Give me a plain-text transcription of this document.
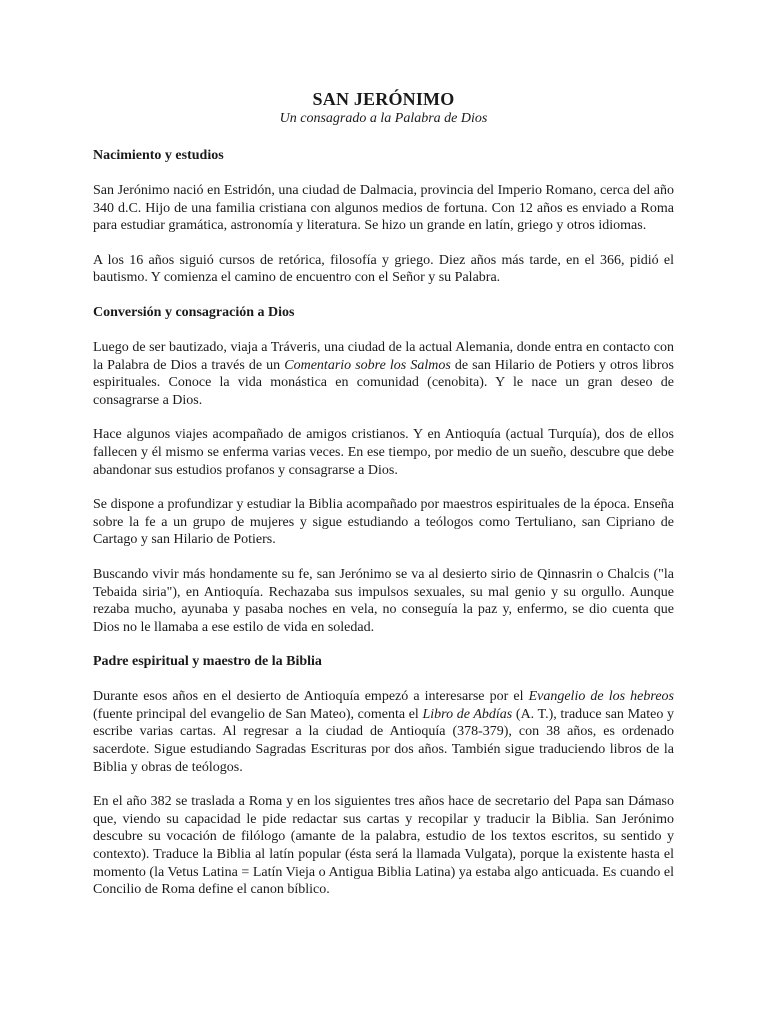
SAN JERÓNIMO

Un consagrado a la Palabra de Dios

Nacimiento y estudios

San Jerónimo nació en Estridón, una ciudad de Dalmacia, provincia del Imperio Romano, cerca del año 340 d.C. Hijo de una familia cristiana con algunos medios de fortuna. Con 12 años es enviado a Roma para estudiar gramática, astronomía y literatura. Se hizo un grande en latín, griego y otros idiomas.

A los 16 años siguió cursos de retórica, filosofía y griego. Diez años más tarde, en el 366, pidió el bautismo. Y comienza el camino de encuentro con el Señor y su Palabra.

Conversión y consagración a Dios

Luego de ser bautizado, viaja a Tráveris, una ciudad de la actual Alemania, donde entra en contacto con la Palabra de Dios a través de un Comentario sobre los Salmos de san Hilario de Potiers y otros libros espirituales. Conoce la vida monástica en comunidad (cenobita). Y le nace un gran deseo de consagrarse a Dios.

Hace algunos viajes acompañado de amigos cristianos. Y en Antioquía (actual Turquía), dos de ellos fallecen y él mismo se enferma varias veces. En ese tiempo, por medio de un sueño, descubre que debe abandonar sus estudios profanos y consagrarse a Dios.

Se dispone a profundizar y estudiar la Biblia acompañado por maestros espirituales de la época. Enseña sobre la fe a un grupo de mujeres y sigue estudiando a teólogos como Tertuliano, san Cipriano de Cartago y san Hilario de Potiers.

Buscando vivir más hondamente su fe, san Jerónimo se va al desierto sirio de Qinnasrin o Chalcis ("la Tebaida siria"), en Antioquía. Rechazaba sus impulsos sexuales, su mal genio y su orgullo. Aunque rezaba mucho, ayunaba y pasaba noches en vela, no conseguía la paz y, enfermo, se dio cuenta que Dios no le llamaba a ese estilo de vida en soledad.

Padre espiritual y maestro de la Biblia

Durante esos años en el desierto de Antioquía empezó a interesarse por el Evangelio de los hebreos (fuente principal del evangelio de San Mateo), comenta el Libro de Abdías (A. T.), traduce san Mateo y escribe varias cartas. Al regresar a la ciudad de Antioquía (378-379), con 38 años, es ordenado sacerdote. Sigue estudiando Sagradas Escrituras por dos años. También sigue traduciendo libros de la Biblia y obras de teólogos.

En el año 382 se traslada a Roma y en los siguientes tres años hace de secretario del Papa san Dámaso que, viendo su capacidad le pide redactar sus cartas y recopilar y traducir la Biblia. San Jerónimo descubre su vocación de filólogo (amante de la palabra, estudio de los textos escritos, su sentido y contexto). Traduce la Biblia al latín popular (ésta será la llamada Vulgata), porque la existente hasta el momento (la Vetus Latina = Latín Vieja o Antigua Biblia Latina) ya estaba algo anticuada. Es cuando el Concilio de Roma define el canon bíblico.
